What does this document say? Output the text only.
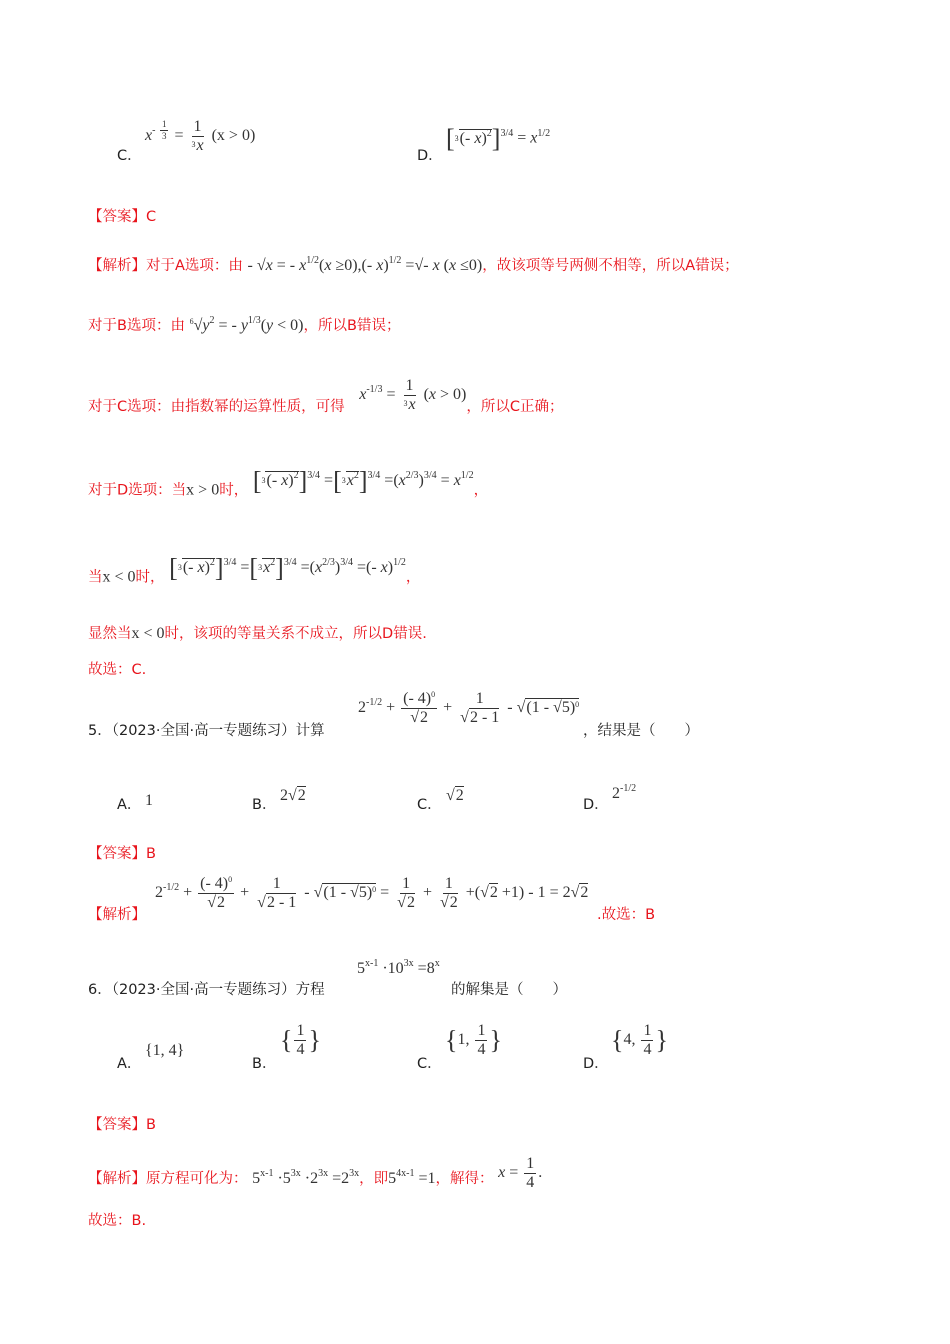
C．
$x^{- \frac{1}{3}} = \frac{1}{3x} (x > 0)$
D．
[3(- $x)^2]^{3/4} = x^{1/2}$
【答案】C
【解析】对于A选项：由 - √x = - $x^{1/2}(x \ge 0),(-$ x)$^{1/2}$ =√- x (x ≤0)，故该项等号两侧不相等，所以A错误；
对于B选项：由 $^6√y^2$ = - $y^{1/3}(y < 0)$，所以B错误；
对于C选项：由指数幂的运算性质，可得 $x^{-1/3} = \frac{1}{3x} (x > 0)$，所以C正确；
对于D选项：当x > 0时， [3(- $x)^2]^{3/4} =[3x^2]^{3/4} =(x^{2/3})^{3/4} = x^{1/2}$，
当x < 0时， [3(- $x)^2]^{3/4} =[3x^2]^{3/4} =(x^{2/3})^{3/4}$ =(- x)$^{1/2}$，
显然当x < 0时，该项的等量关系不成立，所以D错误.
故选：C.
5．（2023·全国·高一专题练习）计算
$2^{-1/2} + \frac{(- 4)^0}{√2} + \frac{1}{√2 - 1} - √(1 - √5)^0$
，结果是（　　）
A． 1	B．
2√2
C．
√2
D．
$2^{-1/2}$
【答案】B
【解析】
$2^{-1/2} + \frac{(- 4)^0}{√2} + \frac{1}{√2 - 1} - √(1 - √5)^0 = \frac{1}{√2} + \frac{1}{√2} +(√2 +1) - 1 = 2√2$
.故选：B
6．（2023·全国·高一专题练习）方程
$5^{x-1} \cdot 10^{3x} =8^x$
的解集是（　　）
A．
{1, 4}
B．
{ $\frac{1}{4}$ }
C．
{1, $\frac{1}{4}$ }
D．
{4, $\frac{1}{4}$ }
【答案】B
【解析】原方程可化为： $5^{x-1} \cdot 5^{3x} \cdot 2^{3x} =2^{3x}$，即$5^{4x-1} =1$，解得： $x = \frac{1}{4}$ .
故选：B.
